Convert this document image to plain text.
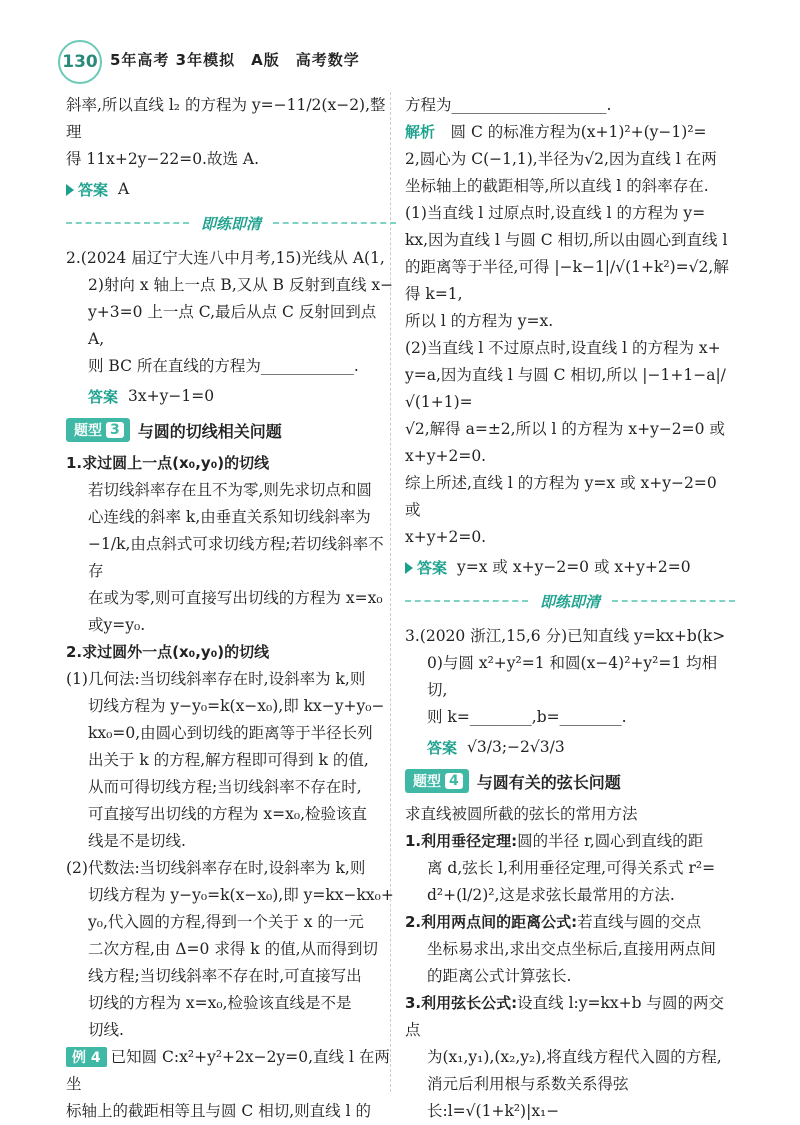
130 5年高考 3年模拟　A版　高考数学

斜率,所以直线 l₂ 的方程为 y=−11/2(x−2),整理

得 11x+2y−22=0.故选 A.

答案 A
即练即清

2.(2024 届辽宁大连八中月考,15)光线从 A(1,

2)射向 x 轴上一点 B,又从 B 反射到直线 x−

y+3=0 上一点 C,最后从点 C 反射回到点 A,

则 BC 所在直线的方程为____________.

答案 3x+y−1=0
题型 3 与圆的切线相关问题

1.求过圆上一点(x₀,y₀)的切线

若切线斜率存在且不为零,则先求切点和圆

心连线的斜率 k,由垂直关系知切线斜率为

−1/k,由点斜式可求切线方程;若切线斜率不存

在或为零,则可直接写出切线的方程为 x=x₀

或y=y₀.

2.求过圆外一点(x₀,y₀)的切线

(1)几何法:当切线斜率存在时,设斜率为 k,则

切线方程为 y−y₀=k(x−x₀),即 kx−y+y₀−

kx₀=0,由圆心到切线的距离等于半径长列

出关于 k 的方程,解方程即可得到 k 的值,

从而可得切线方程;当切线斜率不存在时,

可直接写出切线的方程为 x=x₀,检验该直

线是不是切线.

(2)代数法:当切线斜率存在时,设斜率为 k,则

切线方程为 y−y₀=k(x−x₀),即 y=kx−kx₀+

y₀,代入圆的方程,得到一个关于 x 的一元

二次方程,由 Δ=0 求得 k 的值,从而得到切

线方程;当切线斜率不存在时,可直接写出

切线的方程为 x=x₀,检验该直线是不是

切线.

例 4 已知圆 C:x²+y²+2x−2y=0,直线 l 在两坐

标轴上的截距相等且与圆 C 相切,则直线 l 的

方程为____________________.

解析　 圆 C 的标准方程为(x+1)²+(y−1)²=

2,圆心为 C(−1,1),半径为√2,因为直线 l 在两

坐标轴上的截距相等,所以直线 l 的斜率存在.

(1)当直线 l 过原点时,设直线 l 的方程为 y=

kx,因为直线 l 与圆 C 相切,所以由圆心到直线 l

的距离等于半径,可得 |−k−1|/√(1+k²)=√2,解得 k=1,

所以 l 的方程为 y=x.

(2)当直线 l 不过原点时,设直线 l 的方程为 x+

y=a,因为直线 l 与圆 C 相切,所以 |−1+1−a|/√(1+1)=

√2,解得 a=±2,所以 l 的方程为 x+y−2=0 或

x+y+2=0.

综上所述,直线 l 的方程为 y=x 或 x+y−2=0 或

x+y+2=0.

答案 y=x 或 x+y−2=0 或 x+y+2=0
即练即清

3.(2020 浙江,15,6 分)已知直线 y=kx+b(k>

0)与圆 x²+y²=1 和圆(x−4)²+y²=1 均相切,

则 k=________,b=________.

答案 √3/3;−2√3/3
题型 4 与圆有关的弦长问题

求直线被圆所截的弦长的常用方法

1.利用垂径定理:圆的半径 r,圆心到直线的距

离 d,弦长 l,利用垂径定理,可得关系式 r²=

d²+(l/2)²,这是求弦长最常用的方法.

2.利用两点间的距离公式:若直线与圆的交点

坐标易求出,求出交点坐标后,直接用两点间

的距离公式计算弦长.

3.利用弦长公式:设直线 l:y=kx+b 与圆的两交点

为(x₁,y₁),(x₂,y₂),将直线方程代入圆的方程,

消元后利用根与系数关系得弦长:l=√(1+k²)|x₁−
